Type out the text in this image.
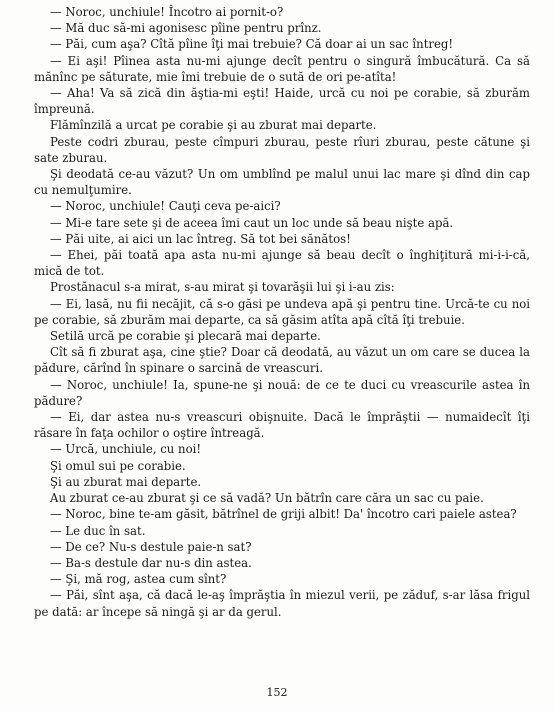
— Noroc, unchiule! Încotro ai pornit-o?

— Mă duc să-mi agonisesc pîine pentru prînz.

— Păi, cum aşa? Cîtă pîine îţi mai trebuie? Că doar ai un sac întreg!

— Ei aşi! Pîinea asta nu-mi ajunge decît pentru o singură îmbucătură. Ca să mănînc pe săturate, mie îmi trebuie de o sută de ori pe-atîta!

— Aha! Va să zică din ăştia-mi eşti! Haide, urcă cu noi pe corabie, să zburăm împreună.

Flămînzilă a urcat pe corabie şi au zburat mai departe.

Peste codri zburau, peste cîmpuri zburau, peste rîuri zburau, peste cătune şi sate zburau.

Şi deodată ce-au văzut? Un om umblînd pe malul unui lac mare şi dînd din cap cu nemulţumire.

— Noroc, unchiule! Cauţi ceva pe-aici?

— Mi-e tare sete şi de aceea îmi caut un loc unde să beau nişte apă.

— Păi uite, ai aici un lac întreg. Să tot bei sănătos!

— Ehei, păi toată apa asta nu-mi ajunge să beau decît o înghiţitură mi-i-i-că, mică de tot.

Prostănacul s-a mirat, s-au mirat şi tovarăşii lui şi i-au zis:

— Ei, lasă, nu fii necăjit, că s-o găsi pe undeva apă şi pentru tine. Urcă-te cu noi pe corabie, să zburăm mai departe, ca să găsim atîta apă cîtă îţi trebuie.

Setilă urcă pe corabie şi plecară mai departe.

Cît să fi zburat aşa, cine ştie? Doar că deodată, au văzut un om care se ducea la pădure, cărînd în spinare o sarcină de vreascuri.

— Noroc, unchiule! Ia, spune-ne şi nouă: de ce te duci cu vreascurile astea în pădure?

— Ei, dar astea nu-s vreascuri obişnuite. Dacă le împrăştii — numaidecît îţi răsare în faţa ochilor o oştire întreagă.

— Urcă, unchiule, cu noi!

Şi omul sui pe corabie.

Şi au zburat mai departe.

Au zburat ce-au zburat şi ce să vadă? Un bătrîn care căra un sac cu paie.

— Noroc, bine te-am găsit, bătrînel de griji albit! Da' încotro cari paiele astea?

— Le duc în sat.

— De ce? Nu-s destule paie-n sat?

— Ba-s destule dar nu-s din astea.

— Şi, mă rog, astea cum sînt?

— Păi, sînt aşa, că dacă le-aş împrăştia în miezul verii, pe zăduf, s-ar lăsa frigul pe dată: ar începe să ningă şi ar da gerul.

152
